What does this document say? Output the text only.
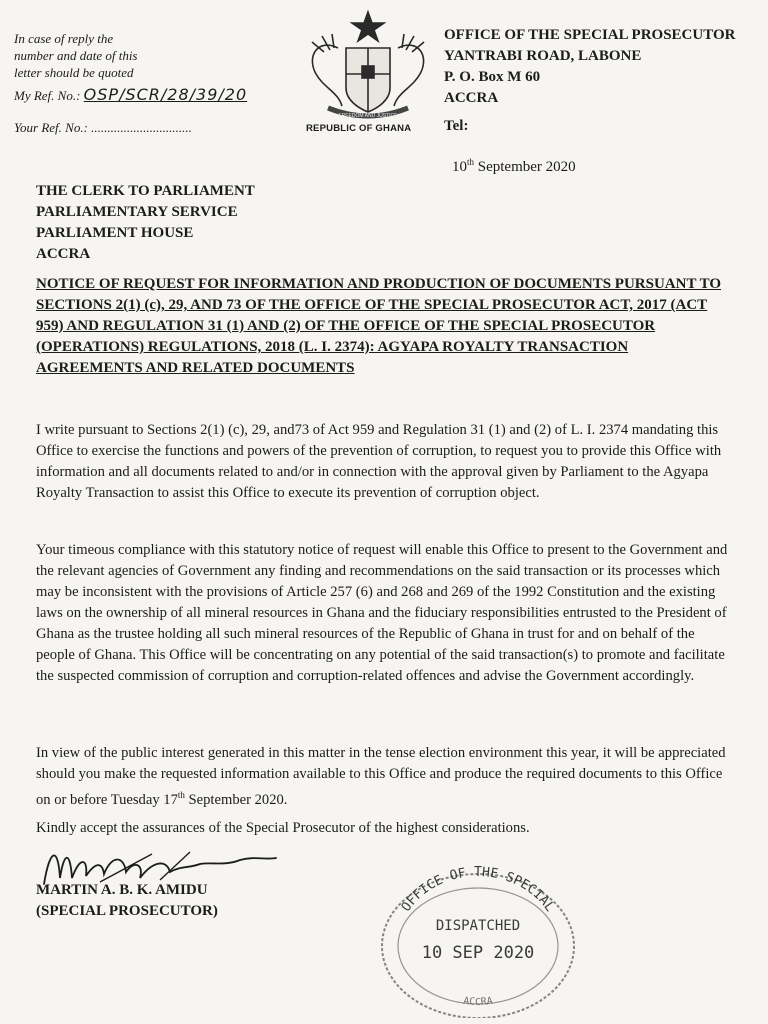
In case of reply the
number and date of this
letter should be quoted
My Ref. No.: OSP/SCR/28/39/20
Your Ref. No.: ...............................
FREEDOM AND JUSTICE
REPUBLIC OF GHANA
OFFICE OF THE SPECIAL PROSECUTOR
YANTRABI ROAD, LABONE
P. O. Box M 60
ACCRA
Tel:
10th September 2020
THE CLERK TO PARLIAMENT
PARLIAMENTARY SERVICE
PARLIAMENT HOUSE
ACCRA
NOTICE OF REQUEST FOR INFORMATION AND PRODUCTION OF DOCUMENTS PURSUANT TO SECTIONS 2(1) (c), 29, AND 73 OF THE OFFICE OF THE SPECIAL PROSECUTOR ACT, 2017 (ACT 959) AND REGULATION 31 (1) AND (2) OF THE OFFICE OF THE SPECIAL PROSECUTOR (OPERATIONS) REGULATIONS, 2018 (L. I. 2374): AGYAPA ROYALTY TRANSACTION AGREEMENTS AND RELATED DOCUMENTS
I write pursuant to Sections 2(1) (c), 29, and73 of Act 959 and Regulation 31 (1) and (2) of L. I. 2374 mandating this Office to exercise the functions and powers of the prevention of corruption, to request you to provide this Office with information and all documents related to and/or in connection with the approval given by Parliament to the Agyapa Royalty Transaction to assist this Office to execute its prevention of corruption object.
Your timeous compliance with this statutory notice of request will enable this Office to present to the Government and the relevant agencies of Government any finding and recommendations on the said transaction or its processes which may be inconsistent with the provisions of Article 257 (6) and 268 and 269 of the 1992 Constitution and the existing laws on the ownership of all mineral resources in Ghana and the fiduciary responsibilities entrusted to the President of Ghana as the trustee holding all such mineral resources of the Republic of Ghana in trust for and on behalf of the people of Ghana. This Office will be concentrating on any potential of the said transaction(s) to promote and facilitate the suspected commission of corruption and corruption-related offences and advise the Government accordingly.
In view of the public interest generated in this matter in the tense election environment this year, it will be appreciated should you make the requested information available to this Office and produce the required documents to this Office on or before Tuesday 17th September 2020.
Kindly accept the assurances of the Special Prosecutor of the highest considerations.
MARTIN A. B. K. AMIDU
(SPECIAL PROSECUTOR)	OFFICE OF THE SPECIAL
DISPATCHED
10 SEP 2020
ACCRA
